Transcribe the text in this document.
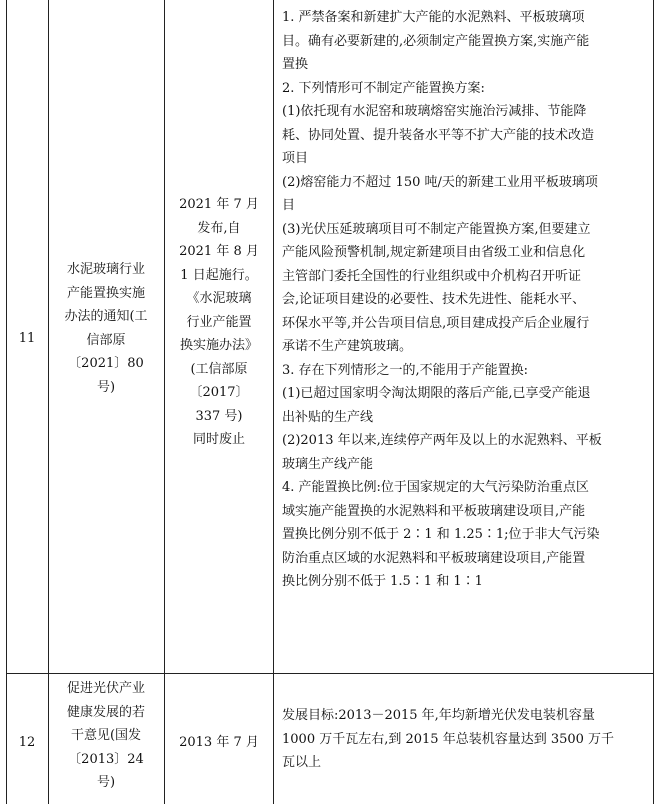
11
水泥玻璃行业
产能置换实施
办法的通知(工
信部原
〔2021〕80
号)
2021 年 7 月
发布,自
2021 年 8 月
1 日起施行。
《水泥玻璃
行业产能置
换实施办法》
(工信部原
〔2017〕
337 号)
同时废止

1. 严禁备案和新建扩大产能的水泥熟料、平板玻璃项

目。确有必要新建的,必须制定产能置换方案,实施产能

置换

2. 下列情形可不制定产能置换方案:

(1)依托现有水泥窑和玻璃熔窑实施治污减排、节能降

耗、协同处置、提升装备水平等不扩大产能的技术改造

项目

(2)熔窑能力不超过 150 吨/天的新建工业用平板玻璃项

目

(3)光伏压延玻璃项目可不制定产能置换方案,但要建立

产能风险预警机制,规定新建项目由省级工业和信息化

主管部门委托全国性的行业组织或中介机构召开听证

会,论证项目建设的必要性、技术先进性、能耗水平、

环保水平等,并公告项目信息,项目建成投产后企业履行

承诺不生产建筑玻璃。

3. 存在下列情形之一的,不能用于产能置换:

(1)已超过国家明令淘汰期限的落后产能,已享受产能退

出补贴的生产线

(2)2013 年以来,连续停产两年及以上的水泥熟料、平板

玻璃生产线产能

4. 产能置换比例:位于国家规定的大气污染防治重点区

域实施产能置换的水泥熟料和平板玻璃建设项目,产能

置换比例分别不低于 2∶1 和 1.25∶1;位于非大气污染

防治重点区域的水泥熟料和平板玻璃建设项目,产能置

换比例分别不低于 1.5∶1 和 1∶1

12
促进光伏产业
健康发展的若
干意见(国发
〔2013〕24
号)
2013 年 7 月

发展目标:2013－2015 年,年均新增光伏发电装机容量

1000 万千瓦左右,到 2015 年总装机容量达到 3500 万千

瓦以上
